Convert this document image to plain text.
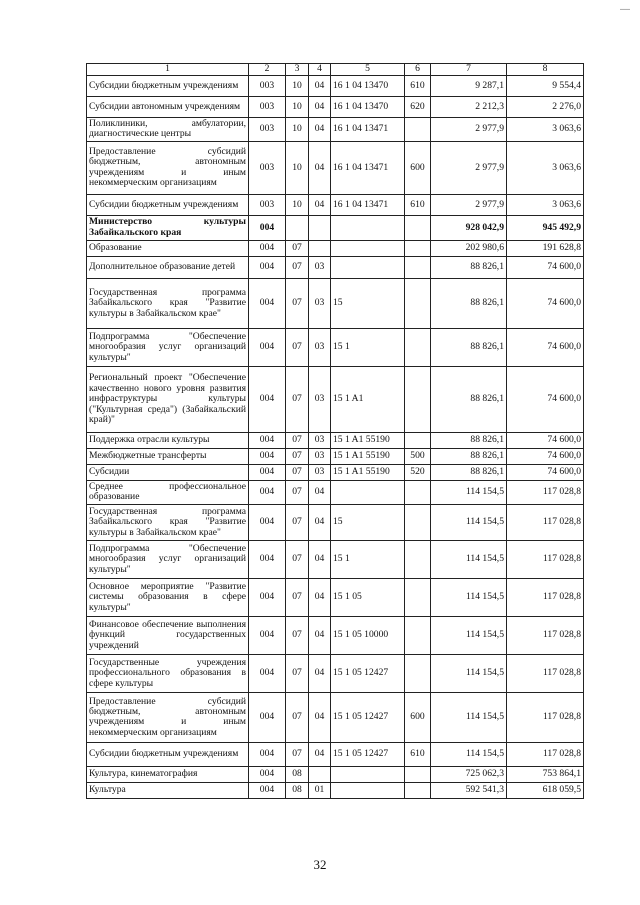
—
1	2	3	4	5	6	7	8
Субсидии бюджетным учреждениям	003	10	04	16 1 04 13470	610	9 287,1	9 554,4
Субсидии автономным учреждениям	003	10	04	16 1 04 13470	620	2 212,3	2 276,0
Поликлиники, амбулатории, диагностические центры	003	10	04	16 1 04 13471		2 977,9	3 063,6
Предоставление субсидий бюджетным, автономным учреждениям и иным некоммерческим организациям	003	10	04	16 1 04 13471	600	2 977,9	3 063,6
Субсидии бюджетным учреждениям	003	10	04	16 1 04 13471	610	2 977,9	3 063,6
Министерство культуры Забайкальского края	004					928 042,9	945 492,9
Образование	004	07				202 980,6	191 628,8
Дополнительное образование детей	004	07	03			88 826,1	74 600,0
Государственная программа Забайкальского края "Развитие культуры в Забайкальском крае"	004	07	03	15		88 826,1	74 600,0
Подпрограмма "Обеспечение многообразия услуг организаций культуры"	004	07	03	15 1		88 826,1	74 600,0
Региональный проект "Обеспечение качественно нового уровня развития инфраструктуры культуры ("Культурная среда") (Забайкальский край)"	004	07	03	15 1 A1		88 826,1	74 600,0
Поддержка отрасли культуры	004	07	03	15 1 A1 55190		88 826,1	74 600,0
Межбюджетные трансферты	004	07	03	15 1 A1 55190	500	88 826,1	74 600,0
Субсидии	004	07	03	15 1 A1 55190	520	88 826,1	74 600,0
Среднее профессиональное образование	004	07	04			114 154,5	117 028,8
Государственная программа Забайкальского края "Развитие культуры в Забайкальском крае"	004	07	04	15		114 154,5	117 028,8
Подпрограмма "Обеспечение многообразия услуг организаций культуры"	004	07	04	15 1		114 154,5	117 028,8
Основное мероприятие "Развитие системы образования в сфере культуры"	004	07	04	15 1 05		114 154,5	117 028,8
Финансовое обеспечение выполнения функций государственных учреждений	004	07	04	15 1 05 10000		114 154,5	117 028,8
Государственные учреждения профессионального образования в сфере культуры	004	07	04	15 1 05 12427		114 154,5	117 028,8
Предоставление субсидий бюджетным, автономным учреждениям и иным некоммерческим организациям	004	07	04	15 1 05 12427	600	114 154,5	117 028,8
Субсидии бюджетным учреждениям	004	07	04	15 1 05 12427	610	114 154,5	117 028,8
Культура, кинематография	004	08				725 062,3	753 864,1
Культура	004	08	01			592 541,3	618 059,5
32
